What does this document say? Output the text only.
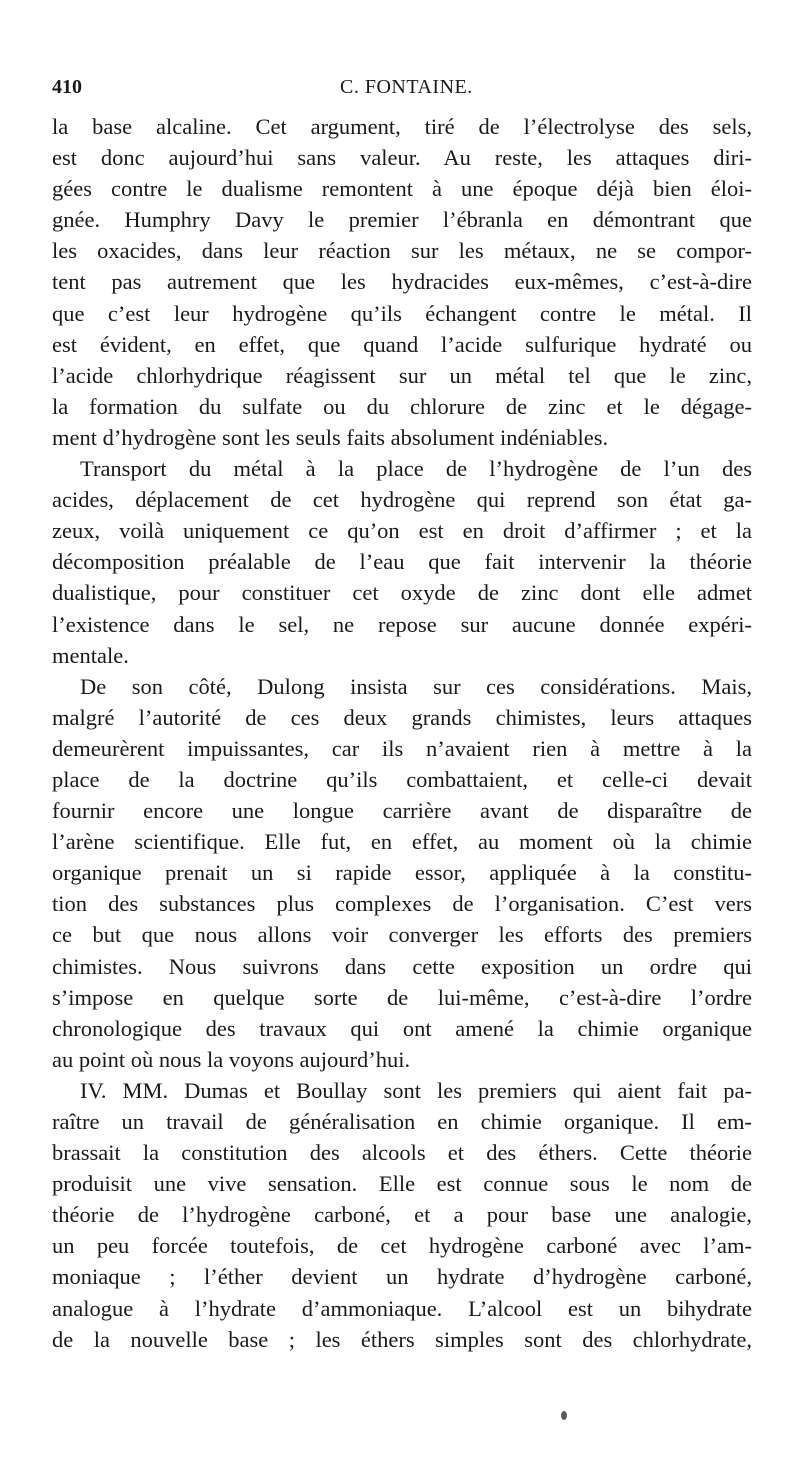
410	C. FONTAINE.
la base alcaline. Cet argument, tiré de l’électrolyse des sels,
est donc aujourd’hui sans valeur. Au reste, les attaques diri-
gées contre le dualisme remontent à une époque déjà bien éloi-
gnée. Humphry Davy le premier l’ébranla en démontrant que
les oxacides, dans leur réaction sur les métaux, ne se compor-
tent pas autrement que les hydracides eux-mêmes, c’est-à-dire
que c’est leur hydrogène qu’ils échangent contre le métal. Il
est évident, en effet, que quand l’acide sulfurique hydraté ou
l’acide chlorhydrique réagissent sur un métal tel que le zinc,
la formation du sulfate ou du chlorure de zinc et le dégage-
ment d’hydrogène sont les seuls faits absolument indéniables.
Transport du métal à la place de l’hydrogène de l’un des
acides, déplacement de cet hydrogène qui reprend son état ga-
zeux, voilà uniquement ce qu’on est en droit d’affirmer ; et la
décomposition préalable de l’eau que fait intervenir la théorie
dualistique, pour constituer cet oxyde de zinc dont elle admet
l’existence dans le sel, ne repose sur aucune donnée expéri-
mentale.
De son côté, Dulong insista sur ces considérations. Mais,
malgré l’autorité de ces deux grands chimistes, leurs attaques
demeurèrent impuissantes, car ils n’avaient rien à mettre à la
place de la doctrine qu’ils combattaient, et celle-ci devait
fournir encore une longue carrière avant de disparaître de
l’arène scientifique. Elle fut, en effet, au moment où la chimie
organique prenait un si rapide essor, appliquée à la constitu-
tion des substances plus complexes de l’organisation. C’est vers
ce but que nous allons voir converger les efforts des premiers
chimistes. Nous suivrons dans cette exposition un ordre qui
s’impose en quelque sorte de lui-même, c’est-à-dire l’ordre
chronologique des travaux qui ont amené la chimie organique
au point où nous la voyons aujourd’hui.
IV. MM. Dumas et Boullay sont les premiers qui aient fait pa-
raître un travail de généralisation en chimie organique. Il em-
brassait la constitution des alcools et des éthers. Cette théorie
produisit une vive sensation. Elle est connue sous le nom de
théorie de l’hydrogène carboné, et a pour base une analogie,
un peu forcée toutefois, de cet hydrogène carboné avec l’am-
moniaque ; l’éther devient un hydrate d’hydrogène carboné,
analogue à l’hydrate d’ammoniaque. L’alcool est un bihydrate
de la nouvelle base ; les éthers simples sont des chlorhydrate,
